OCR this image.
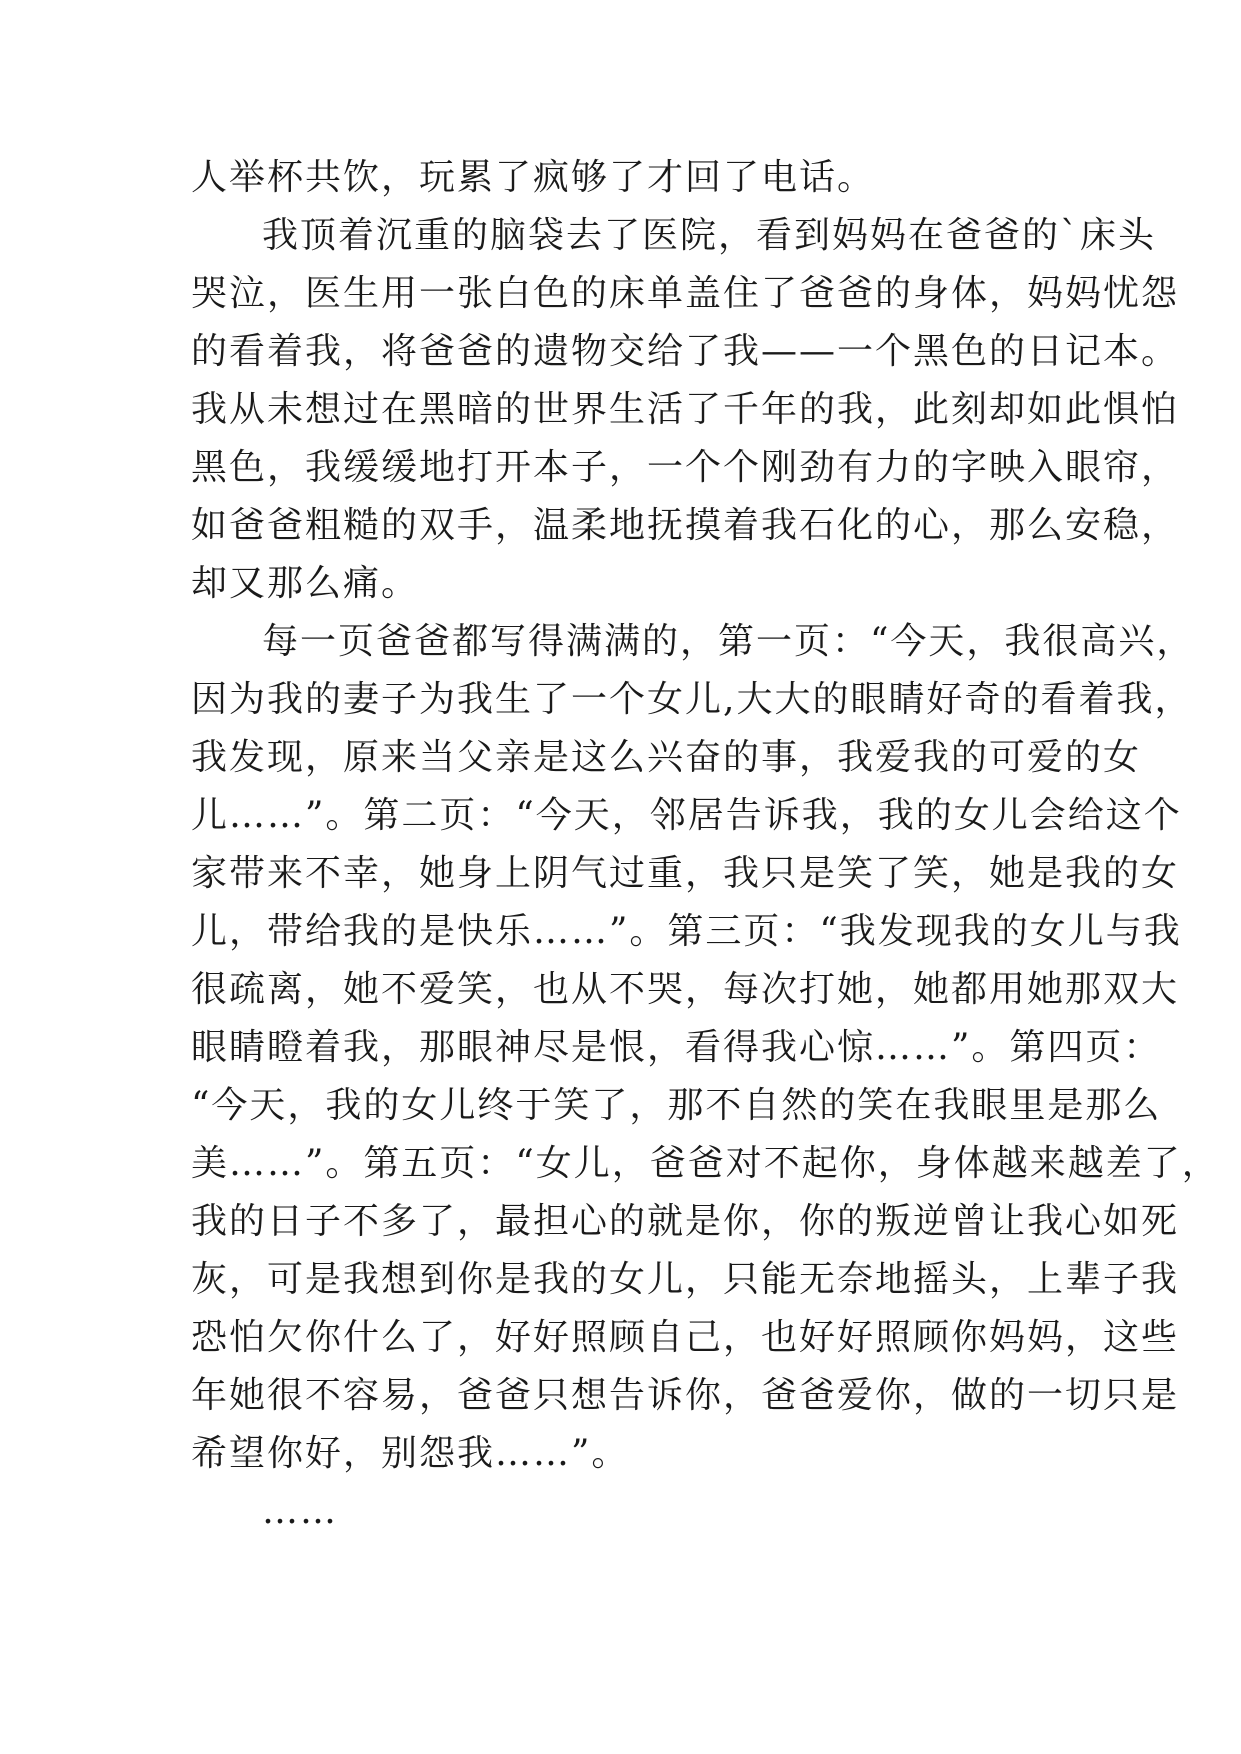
人举杯共饮，玩累了疯够了才回了电话。
我顶着沉重的脑袋去了医院，看到妈妈在爸爸的`床头
哭泣，医生用一张白色的床单盖住了爸爸的身体，妈妈忧怨
的看着我，将爸爸的遗物交给了我——一个黑色的日记本。
我从未想过在黑暗的世界生活了千年的我，此刻却如此惧怕
黑色，我缓缓地打开本子，一个个刚劲有力的字映入眼帘，
如爸爸粗糙的双手，温柔地抚摸着我石化的心，那么安稳，
却又那么痛。
每一页爸爸都写得满满的，第一页：“今天，我很高兴，
因为我的妻子为我生了一个女儿,大大的眼睛好奇的看着我，
我发现，原来当父亲是这么兴奋的事，我爱我的可爱的女
儿……”。第二页：“今天，邻居告诉我，我的女儿会给这个
家带来不幸，她身上阴气过重，我只是笑了笑，她是我的女
儿，带给我的是快乐……”。第三页：“我发现我的女儿与我
很疏离，她不爱笑，也从不哭，每次打她，她都用她那双大
眼睛瞪着我，那眼神尽是恨，看得我心惊……”。第四页：
“今天，我的女儿终于笑了，那不自然的笑在我眼里是那么
美……”。第五页：“女儿，爸爸对不起你，身体越来越差了，
我的日子不多了，最担心的就是你，你的叛逆曾让我心如死
灰，可是我想到你是我的女儿，只能无奈地摇头，上辈子我
恐怕欠你什么了，好好照顾自己，也好好照顾你妈妈，这些
年她很不容易，爸爸只想告诉你，爸爸爱你，做的一切只是
希望你好，别怨我……”。
……
